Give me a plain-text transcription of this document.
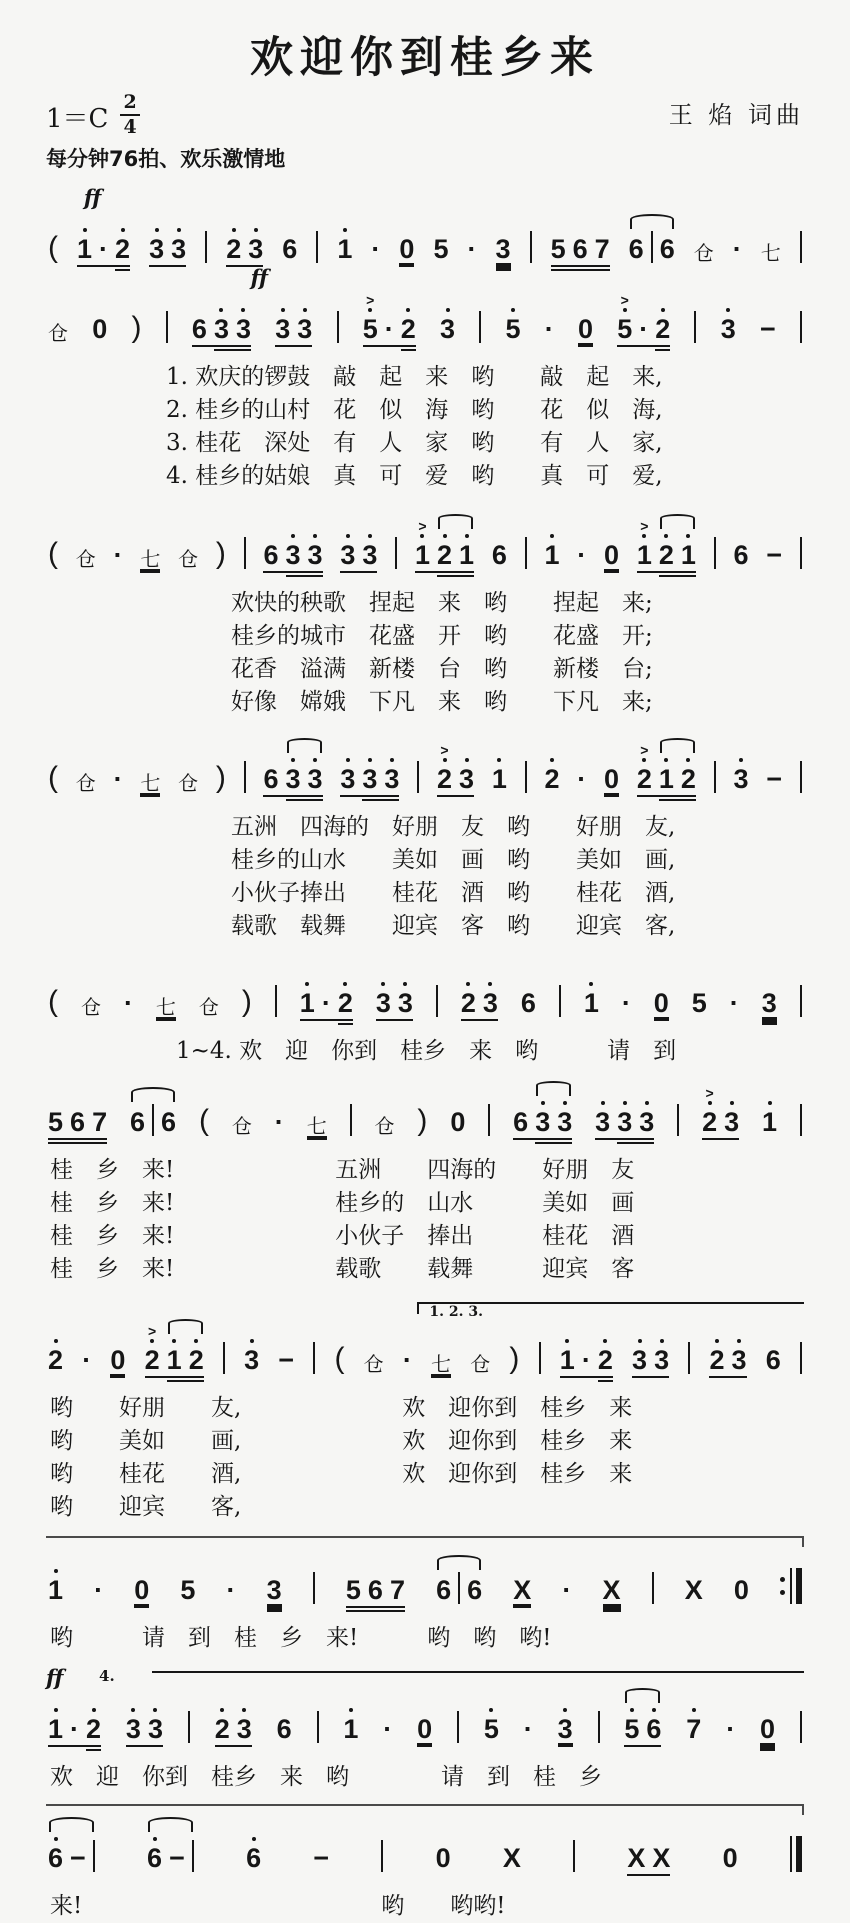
欢迎你到桂乡来
$1=C \frac{2}{4}$	王 焰 词曲
每分钟76拍、欢乐激情地
ff
( 1 · 2 3 3 2 3 6 1 · 0 5 · 3 5 6 7 6 6 仓 · 七
ff
仓 0 ) 6 3 3 3 3
>
5 · 2 3 5 · 0
>
5 · 2 3 −
1. 欢庆的锣鼓　敲　起　来　哟　　敲　起　来,
2. 桂乡的山村　花　似　海　哟　　花　似　海,
3. 桂花　深处　有　人　家　哟　　有　人　家,
4. 桂乡的姑娘　真　可　爱　哟　　真　可　爱,
( 仓 · 七 仓 ) 6 3 3 3 3
>
1 2 1 6 1 · 0
>
1 2 1 6 −
欢快的秧歌　捏起　来　哟　　捏起　来;
桂乡的城市　花盛　开　哟　　花盛　开;
花香　溢满　新楼　台　哟　　新楼　台;
好像　嫦娥　下凡　来　哟　　下凡　来;
( 仓 · 七 仓 ) 6 3 3 3 3 3
>
2 3 1 2 · 0
>
2 1 2 3 −
五洲　四海的　好朋　友　哟　　好朋　友,
桂乡的山水　　美如　画　哟　　美如　画,
小伙子捧出　　桂花　酒　哟　　桂花　酒,
载歌　载舞　　迎宾　客　哟　　迎宾　客,
( 仓 · 七 仓 ) 1 · 2 3 3 2 3 6 1 · 0 5 · 3
1~4. 欢　迎　你到　桂乡　来　哟　　　请　到
5 6 7 6 6 ( 仓 · 七 仓 ) 0 6 3 3 3 3 3
>
2 3 1
桂　乡　来!　　　　　　　五洲　　四海的　　好朋　友
桂　乡　来!　　　　　　　桂乡的　山水　　　美如　画
桂　乡　来!　　　　　　　小伙子　捧出　　　桂花　酒
桂　乡　来!　　　　　　　载歌　　载舞　　　迎宾　客
1. 2. 3.
2 · 0
>
2 1 2 3 − ( 仓 · 七 仓 ) 1 · 2 3 3 2 3 6
哟　　好朋　　友,　　　　　　　欢　迎你到　桂乡　来
哟　　美如　　画,　　　　　　　欢　迎你到　桂乡　来
哟　　桂花　　酒,　　　　　　　欢　迎你到　桂乡　来
哟　　迎宾　　客,
1 · 0 5 · 3 5 6 7 6 6 X · X X 0
哟　　　请　到　桂　乡　来!　　　哟　哟　哟!
ff 4.
1 · 2 3 3 2 3 6 1 · 0 5 · 3 5 6 7 · 0
欢　迎　你到　桂乡　来　哟　　　　请　到　桂　乡
6 − 6 − 6 −	0 X	X X 0
来!　　　　　　　　　　　　　哟　　哟哟!
